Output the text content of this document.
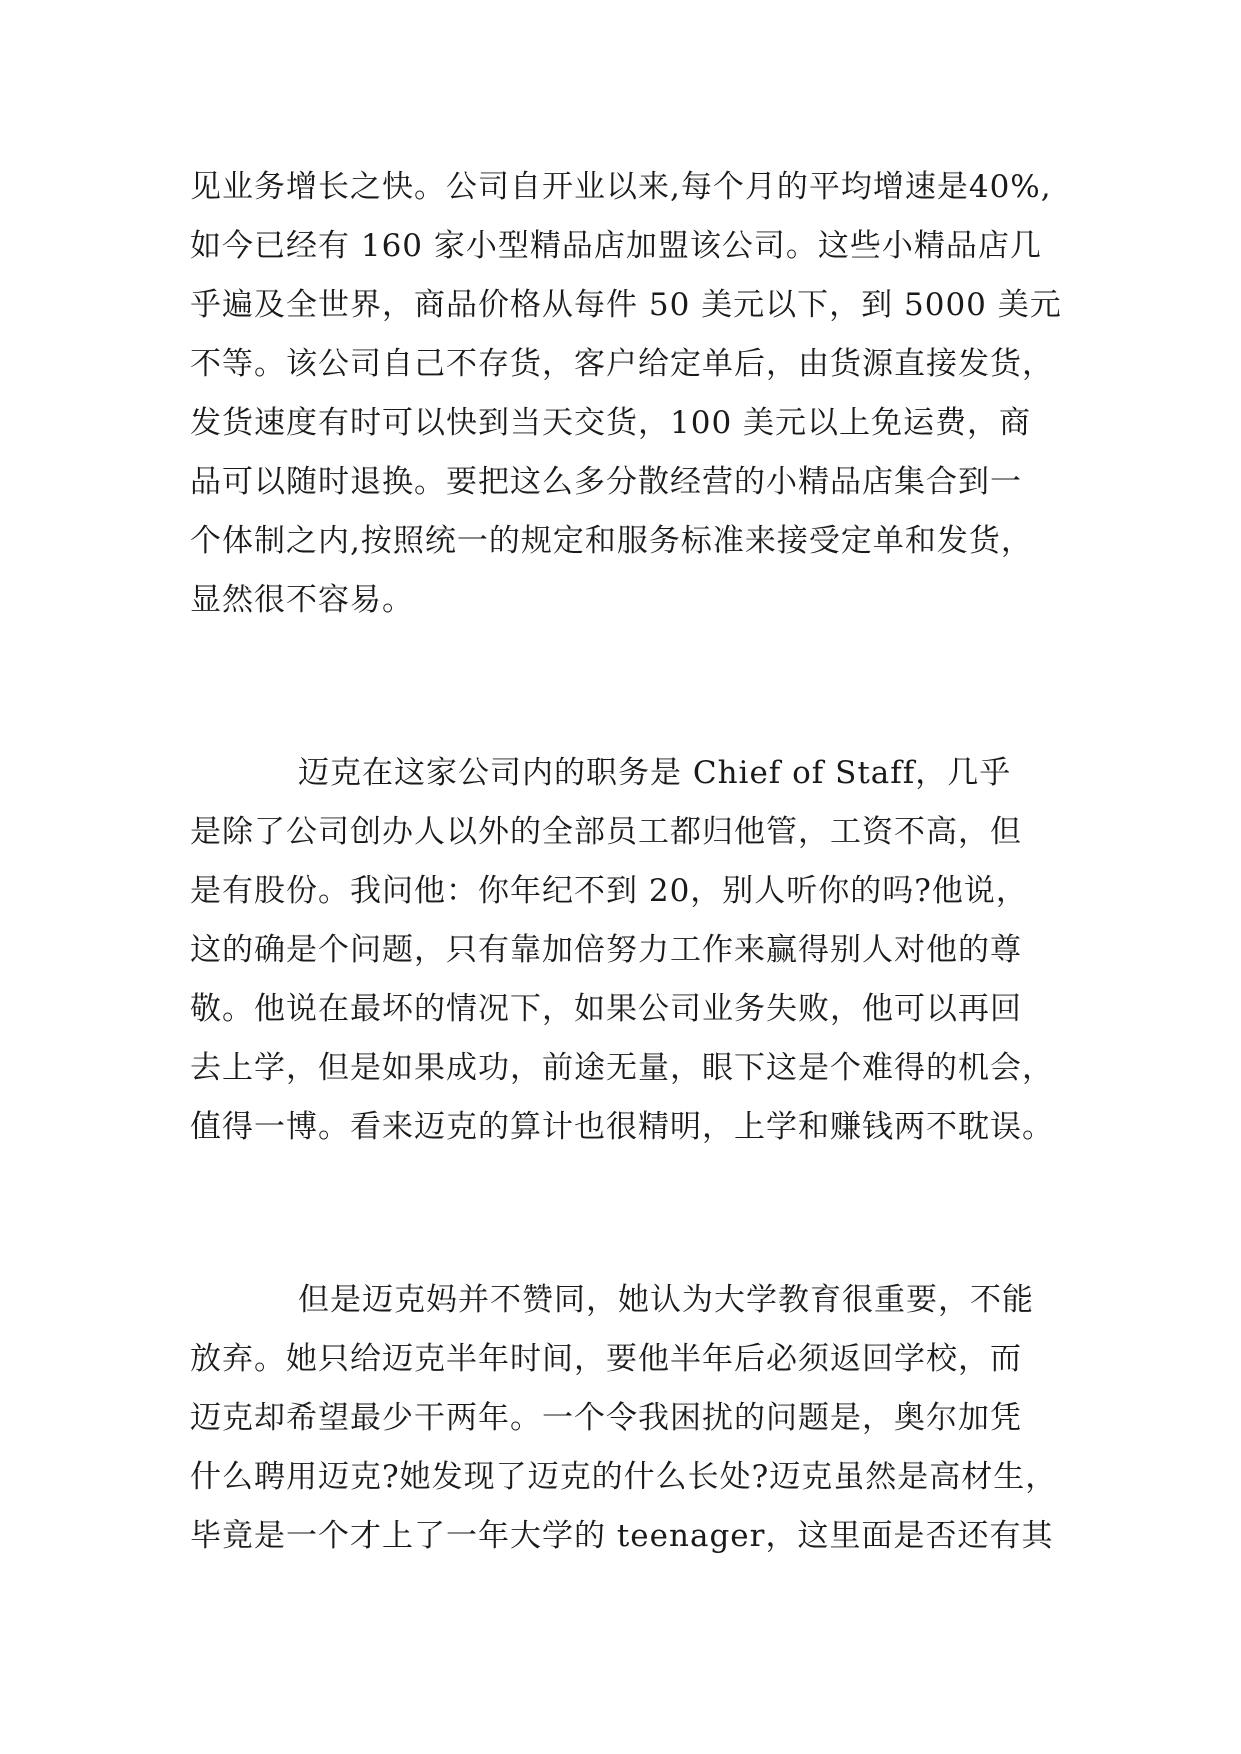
见业务增长之快。公司自开业以来,每个月的平均增速是40%,
如今已经有 160 家小型精品店加盟该公司。这些小精品店几
乎遍及全世界，商品价格从每件 50 美元以下，到 5000 美元
不等。该公司自己不存货，客户给定单后，由货源直接发货，
发货速度有时可以快到当天交货，100 美元以上免运费，商
品可以随时退换。要把这么多分散经营的小精品店集合到一
个体制之内,按照统一的规定和服务标准来接受定单和发货，
显然很不容易。
迈克在这家公司内的职务是 Chief of Staff，几乎
是除了公司创办人以外的全部员工都归他管，工资不高，但
是有股份。我问他：你年纪不到 20，别人听你的吗?他说，
这的确是个问题，只有靠加倍努力工作来赢得别人对他的尊
敬。他说在最坏的情况下，如果公司业务失败，他可以再回
去上学，但是如果成功，前途无量，眼下这是个难得的机会，
值得一博。看来迈克的算计也很精明，上学和赚钱两不耽误。
但是迈克妈并不赞同，她认为大学教育很重要，不能
放弃。她只给迈克半年时间，要他半年后必须返回学校，而
迈克却希望最少干两年。一个令我困扰的问题是，奥尔加凭
什么聘用迈克?她发现了迈克的什么长处?迈克虽然是高材生，
毕竟是一个才上了一年大学的 teenager，这里面是否还有其
